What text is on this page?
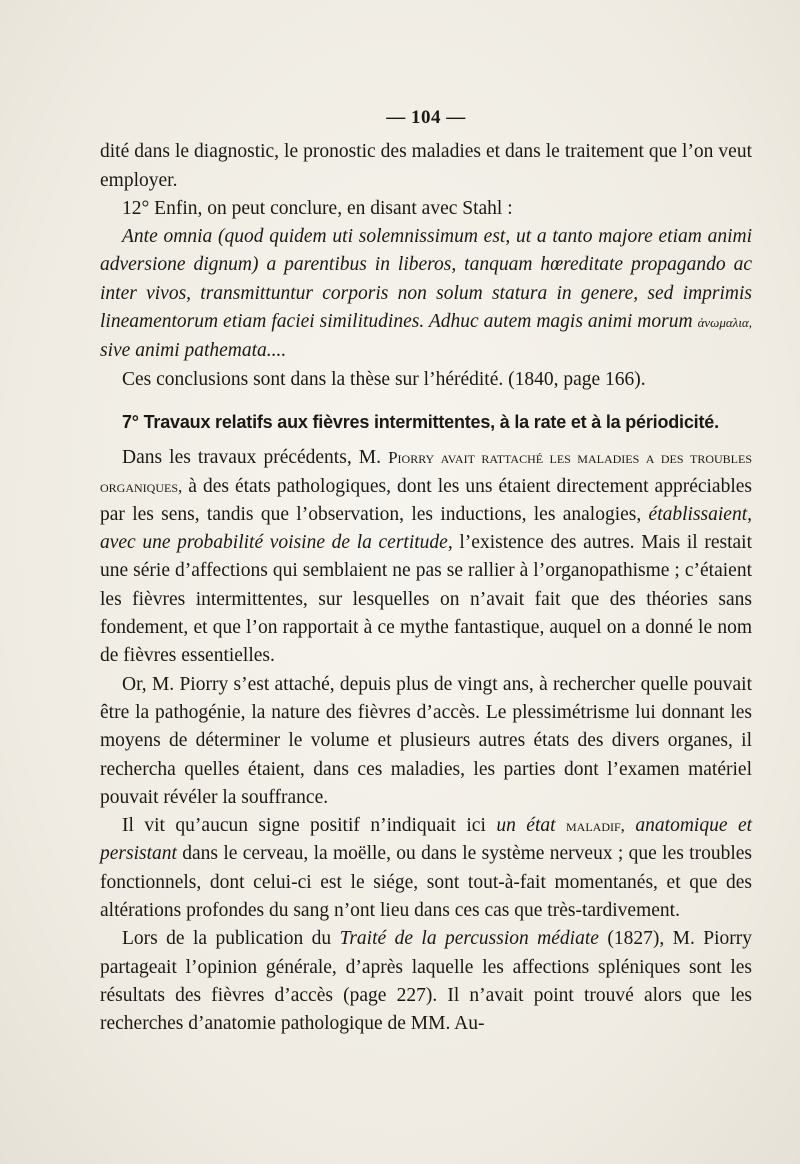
— 104 —

dité dans le diagnostic, le pronostic des maladies et dans le traitement que l’on veut employer.

12° Enfin, on peut conclure, en disant avec Stahl :

Ante omnia (quod quidem uti solemnissimum est, ut a tanto majore etiam animi adversione dignum) a parentibus in liberos, tanquam hœreditate propagando ac inter vivos, transmittuntur corporis non solum statura in genere, sed imprimis lineamentorum etiam faciei similitudines. Adhuc autem magis animi morum ἀνωμαλια, sive animi pathemata....

Ces conclusions sont dans la thèse sur l’hérédité. (1840, page 166).

7° Travaux relatifs aux fièvres intermittentes, à la rate et à la périodicité.

Dans les travaux précédents, M. Piorry avait rattaché les maladies a des troubles organiques, à des états pathologiques, dont les uns étaient directement appréciables par les sens, tandis que l’observation, les inductions, les analogies, établissaient, avec une probabilité voisine de la certitude, l’existence des autres. Mais il restait une série d’affections qui semblaient ne pas se rallier à l’organopathisme ; c’étaient les fièvres intermittentes, sur lesquelles on n’avait fait que des théories sans fondement, et que l’on rapportait à ce mythe fantastique, auquel on a donné le nom de fièvres essentielles.

Or, M. Piorry s’est attaché, depuis plus de vingt ans, à rechercher quelle pouvait être la pathogénie, la nature des fièvres d’accès. Le plessimétrisme lui donnant les moyens de déterminer le volume et plusieurs autres états des divers organes, il rechercha quelles étaient, dans ces maladies, les parties dont l’examen matériel pouvait révéler la souffrance.

Il vit qu’aucun signe positif n’indiquait ici un état maladif, anatomique et persistant dans le cerveau, la moëlle, ou dans le système nerveux ; que les troubles fonctionnels, dont celui-ci est le siége, sont tout-à-fait momentanés, et que des altérations profondes du sang n’ont lieu dans ces cas que très-tardivement.

Lors de la publication du Traité de la percussion médiate (1827), M. Piorry partageait l’opinion générale, d’après laquelle les affections spléniques sont les résultats des fièvres d’accès (page 227). Il n’avait point trouvé alors que les recherches d’anatomie pathologique de MM. Au-
